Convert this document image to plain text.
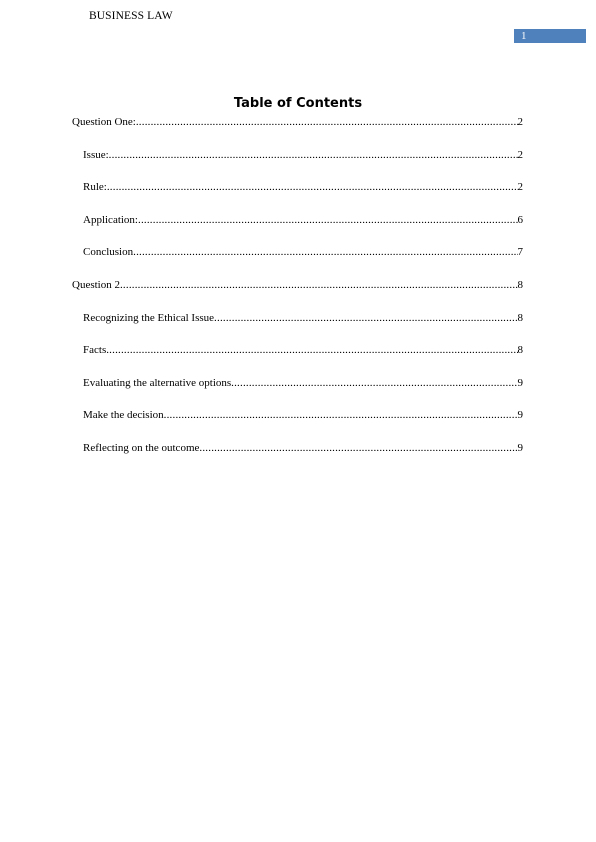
BUSINESS LAW
1
Table of Contents
Question One: .....	2
Issue: .....	2
Rule: .....	2
Application: .....	6
Conclusion .....	7
Question 2 .....	8
Recognizing the Ethical Issue .....	8
Facts .....	8
Evaluating the alternative options .....	9
Make the decision .....	9
Reflecting on the outcome .....	9
